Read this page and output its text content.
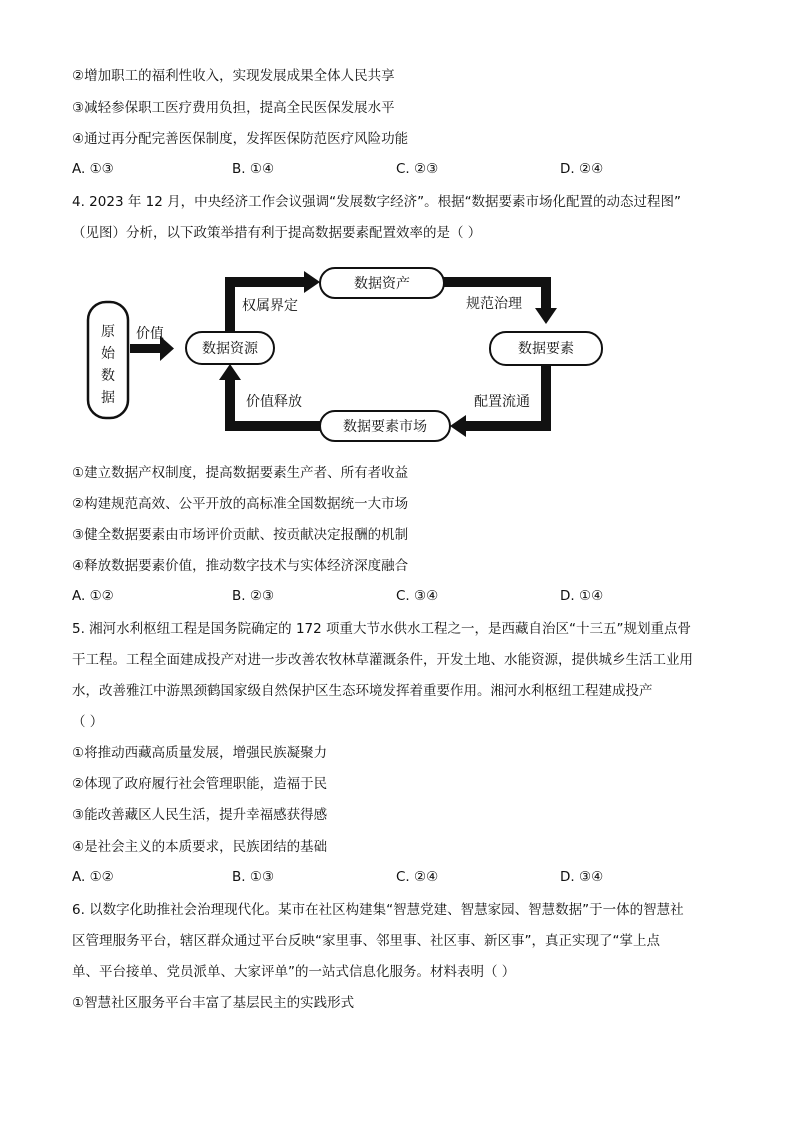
②增加职工的福利性收入，实现发展成果全体人民共享
③减轻参保职工医疗费用负担，提高全民医保发展水平
④通过再分配完善医保制度，发挥医保防范医疗风险功能
A. ①③	B. ①④	C. ②③	D. ②④
4. 2023 年 12 月，中央经济工作会议强调“发展数字经济”。根据“数据要素市场化配置的动态过程图”
（见图）分析，以下政策举措有利于提高数据要素配置效率的是（ ）
原
始
数
据
价值
权属界定	规范治理
配置流通
价值释放
数据资源
数据资产
数据要素
数据要素市场
①建立数据产权制度，提高数据要素生产者、所有者收益
②构建规范高效、公平开放的高标准全国数据统一大市场
③健全数据要素由市场评价贡献、按贡献决定报酬的机制
④释放数据要素价值，推动数字技术与实体经济深度融合
A. ①②	B. ②③	C. ③④	D. ①④
5. 湘河水利枢纽工程是国务院确定的 172 项重大节水供水工程之一，是西藏自治区“十三五”规划重点骨
干工程。工程全面建成投产对进一步改善农牧林草灌溉条件，开发土地、水能资源，提供城乡生活工业用
水，改善雅江中游黑颈鹤国家级自然保护区生态环境发挥着重要作用。湘河水利枢纽工程建成投产
（ ）
①将推动西藏高质量发展，增强民族凝聚力
②体现了政府履行社会管理职能，造福于民
③能改善藏区人民生活，提升幸福感获得感
④是社会主义的本质要求，民族团结的基础
A. ①②	B. ①③	C. ②④	D. ③④
6. 以数字化助推社会治理现代化。某市在社区构建集“智慧党建、智慧家园、智慧数据”于一体的智慧社
区管理服务平台，辖区群众通过平台反映“家里事、邻里事、社区事、新区事”，真正实现了“掌上点
单、平台接单、党员派单、大家评单”的一站式信息化服务。材料表明（ ）
①智慧社区服务平台丰富了基层民主的实践形式
